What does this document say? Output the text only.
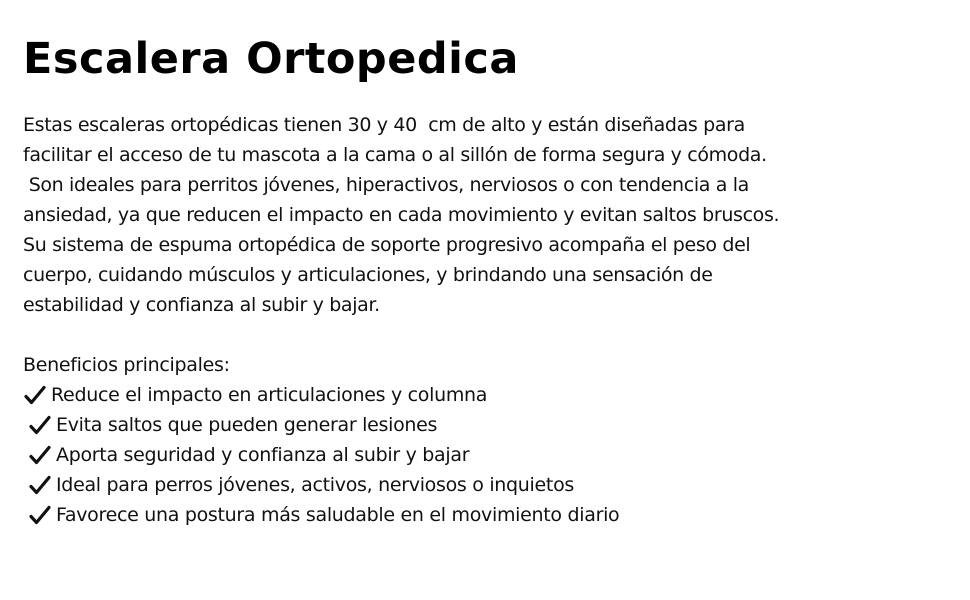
Escalera Ortopedica
Estas escaleras ortopédicas tienen 30 y 40  cm de alto y están diseñadas para
facilitar el acceso de tu mascota a la cama o al sillón de forma segura y cómoda.
Son ideales para perritos jóvenes, hiperactivos, nerviosos o con tendencia a la
ansiedad, ya que reducen el impacto en cada movimiento y evitan saltos bruscos.
Su sistema de espuma ortopédica de soporte progresivo acompaña el peso del
cuerpo, cuidando músculos y articulaciones, y brindando una sensación de
estabilidad y confianza al subir y bajar.
Beneficios principales:
Reduce el impacto en articulaciones y columna
Evita saltos que pueden generar lesiones
Aporta seguridad y confianza al subir y bajar
Ideal para perros jóvenes, activos, nerviosos o inquietos
Favorece una postura más saludable en el movimiento diario
